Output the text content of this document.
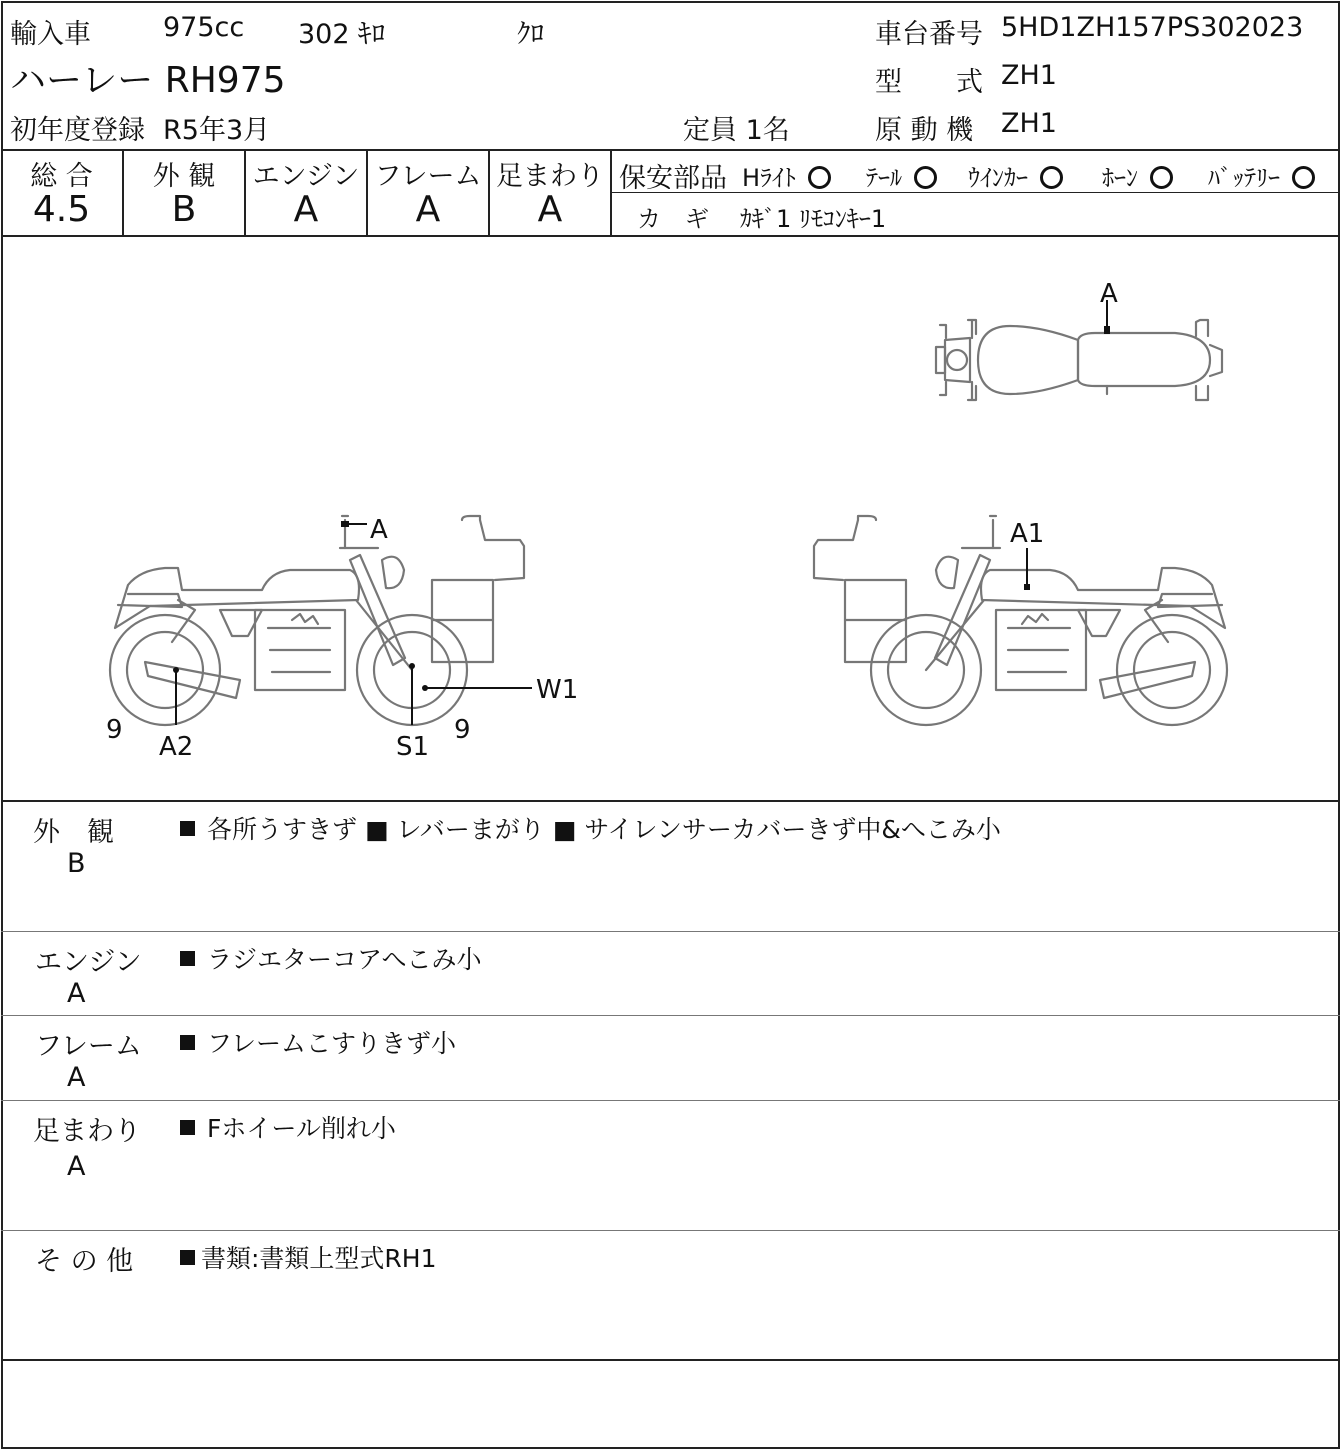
輸入車	975cc 302 ｷﾛ	ｸﾛ	車台番号 5HD1ZH157PS302023
ハーレー RH975	型　　式 ZH1
初年度登録 R5年3月	定員 1名	原 動 機 ZH1
総 合
4.5
外 観
B
エンジン
A
フレーム
A
足まわり
A
保安部品 Hﾗｲﾄ	ﾃｰﾙ	ｳｲﾝｶｰ	ﾎｰﾝ	ﾊﾞｯﾃﾘｰ
カ　ギ ｶｷﾞ1 ﾘﾓｺﾝｷｰ1
A
A
W1
A2	S1
9	9
A1
外　観
B
各所うすきず ■ レバーまがり ■ サイレンサーカバーきず中&へこみ小
エンジン
A
ラジエターコアへこみ小
フレーム
A
フレームこすりきず小
足まわり
A
Fホイール削れ小
そ の 他	書類:書類上型式RH1
